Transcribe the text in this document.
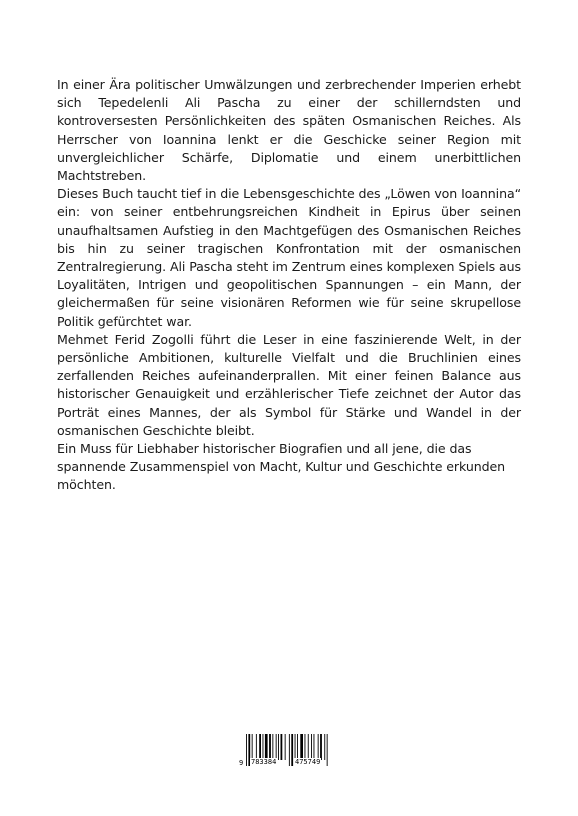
In einer Ära politischer Umwälzungen und zerbrechender Imperien erhebt sich Tepedelenli Ali Pascha zu einer der schillerndsten und kontroversesten Persönlichkeiten des späten Osmanischen Reiches. Als Herrscher von Ioannina lenkt er die Geschicke seiner Region mit unvergleichlicher Schärfe, Diplomatie und einem unerbittlichen Machtstreben.

Dieses Buch taucht tief in die Lebensgeschichte des „Löwen von Ioannina“ ein: von seiner entbehrungsreichen Kindheit in Epirus über seinen unaufhaltsamen Aufstieg in den Machtgefügen des Osmanischen Reiches bis hin zu seiner tragischen Konfrontation mit der osmanischen Zentralregierung. Ali Pascha steht im Zentrum eines komplexen Spiels aus Loyalitäten, Intrigen und geopolitischen Spannungen – ein Mann, der gleichermaßen für seine visionären Reformen wie für seine skrupellose Politik gefürchtet war.

Mehmet Ferid Zogolli führt die Leser in eine faszinierende Welt, in der persönliche Ambitionen, kulturelle Vielfalt und die Bruchlinien eines zerfallenden Reiches aufeinanderprallen. Mit einer feinen Balance aus historischer Genauigkeit und erzählerischer Tiefe zeichnet der Autor das Porträt eines Mannes, der als Symbol für Stärke und Wandel in der osmanischen Geschichte bleibt.

Ein Muss für Liebhaber historischer Biografien und all jene, die das spannende Zusammenspiel von Macht, Kultur und Geschichte erkunden möchten.

9 783384	475749
